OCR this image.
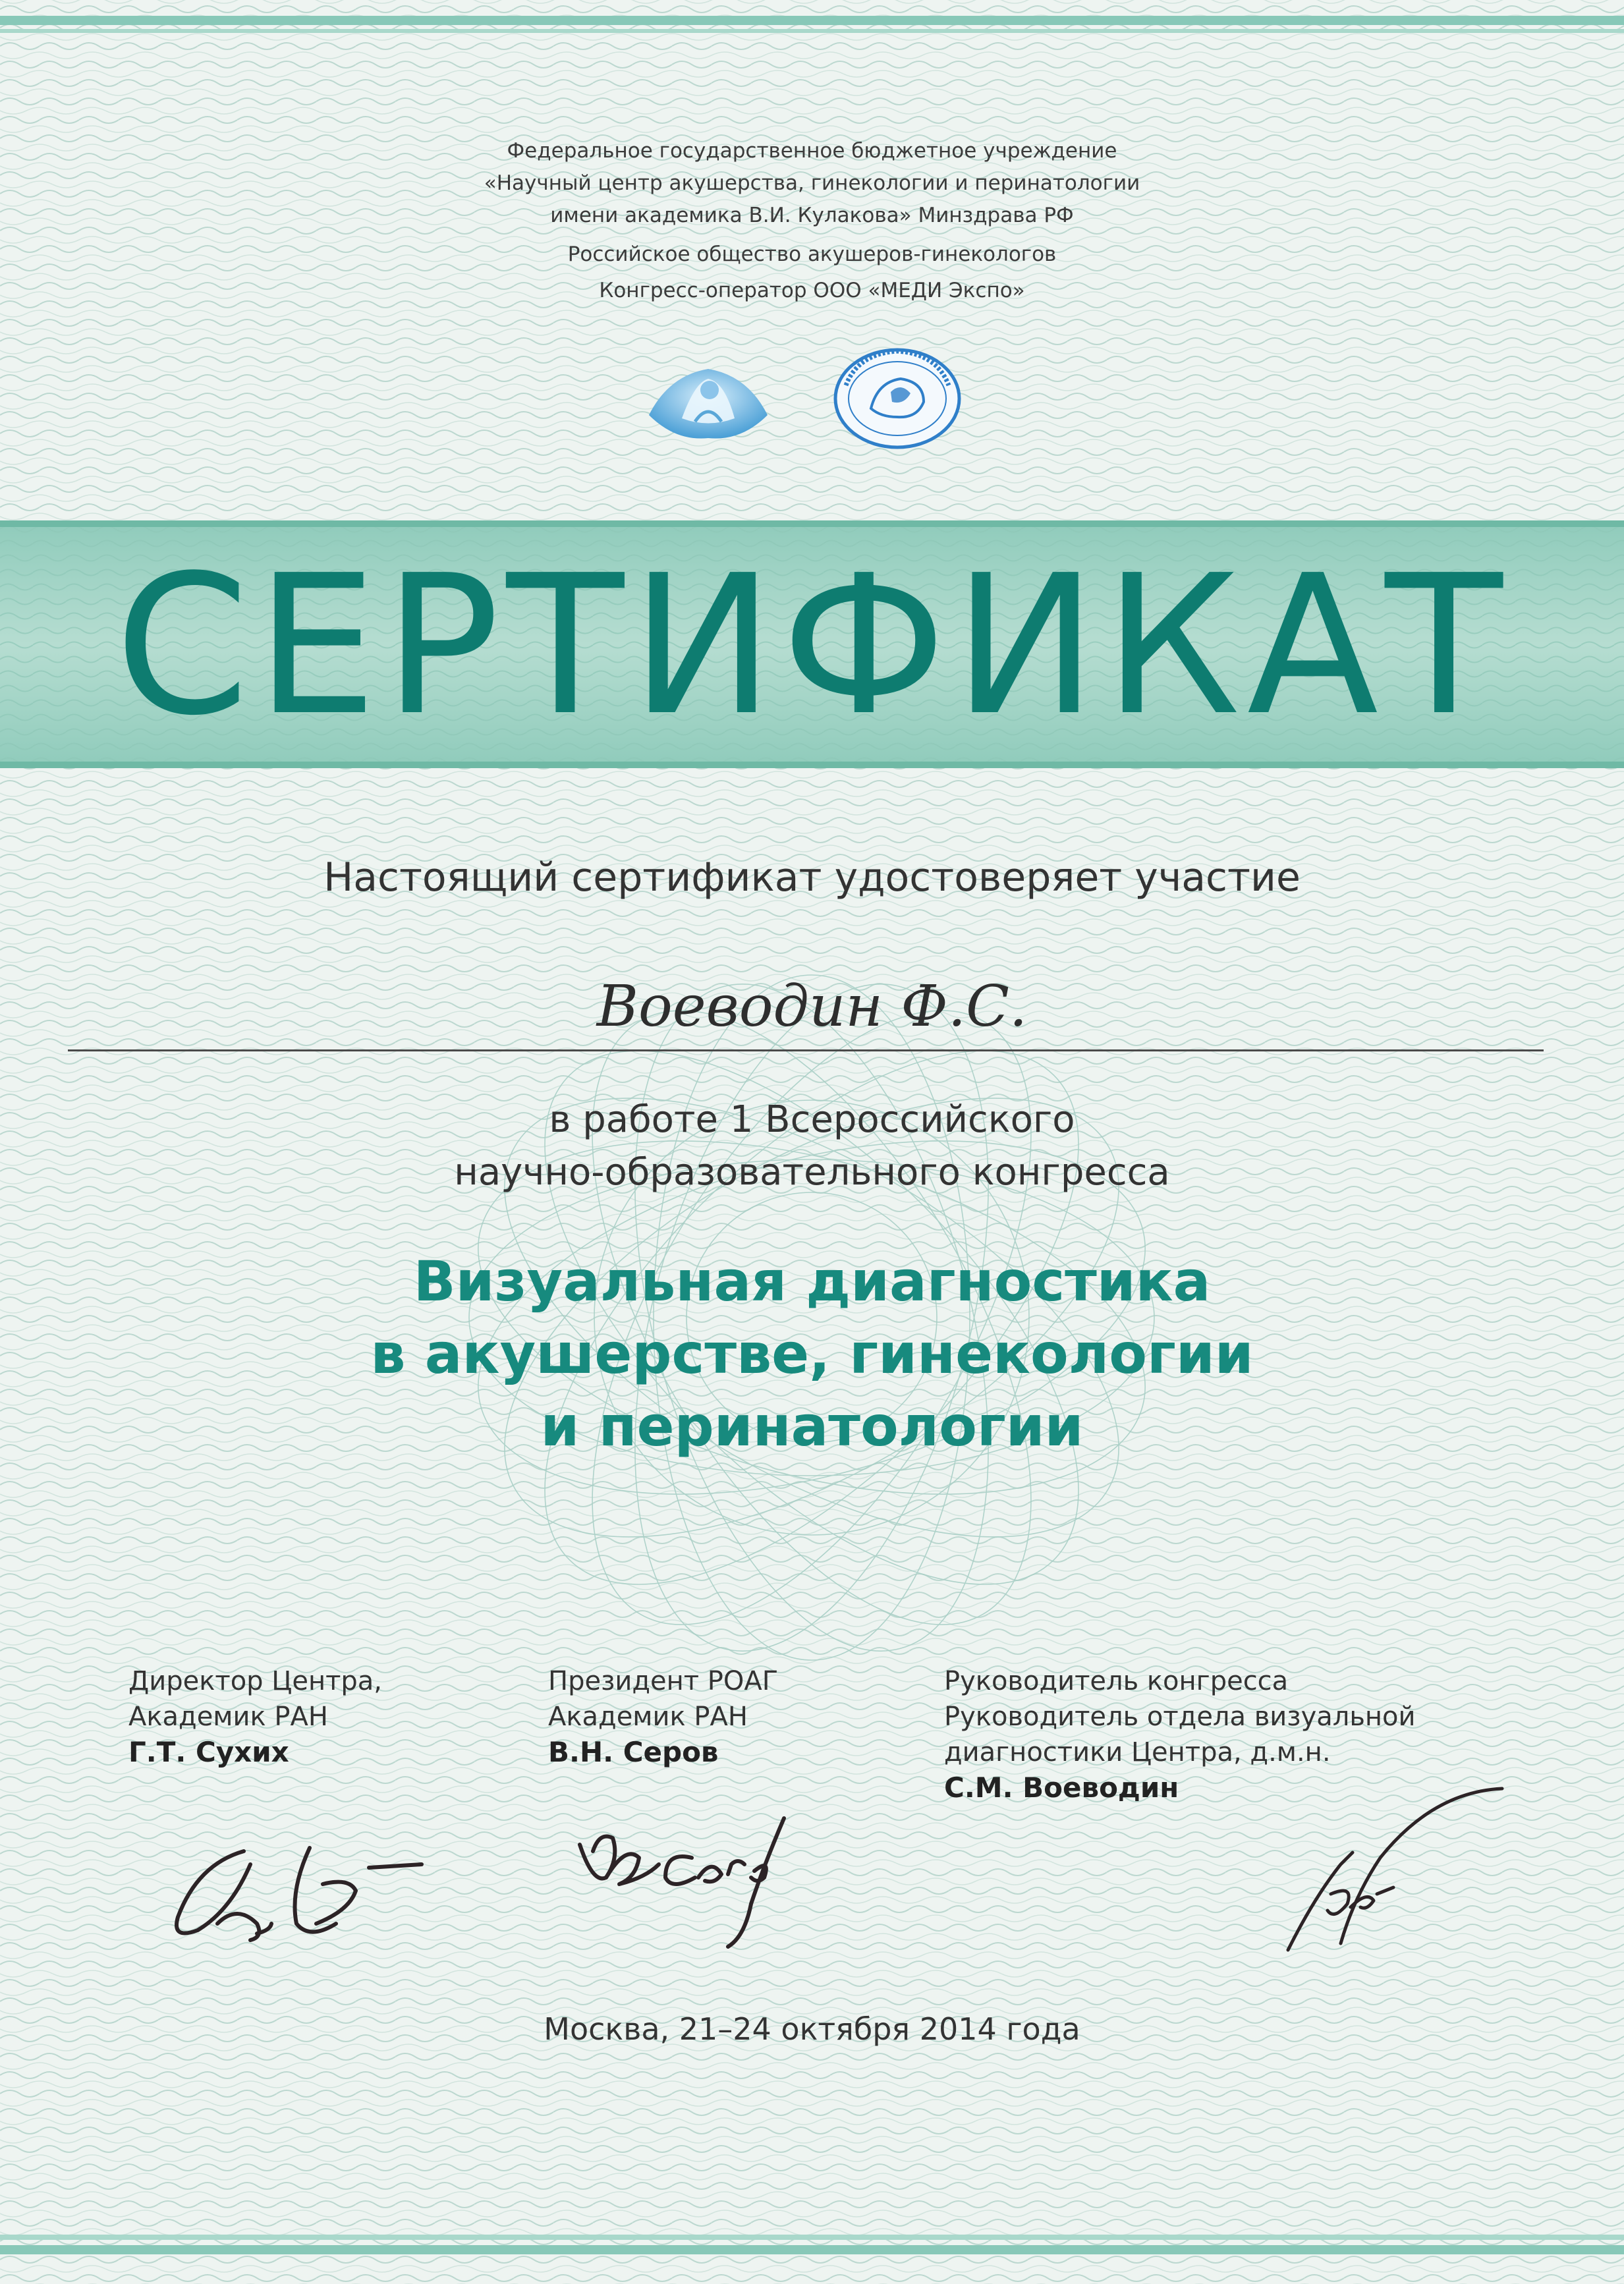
Федеральное государственное бюджетное учреждение
«Научный центр акушерства, гинекологии и перинатологии
имени академика В.И. Кулакова» Минздрава РФ
Российское общество акушеров-гинекологов
Конгресс-оператор ООО «МЕДИ Экспо»
СЕРТИФИКАТ
Настоящий сертификат удостоверяет участие
Воеводин Ф.С.
в работе 1 Всероссийского
научно-образовательного конгресса
Визуальная диагностика
в акушерстве, гинекологии
и перинатологии
Директор Центра,
Академик РАН
Г.Т. Сухих
Президент РОАГ
Академик РАН
В.Н. Серов
Руководитель конгресса
Руководитель отдела визуальной
диагностики Центра, д.м.н.
С.М. Воеводин
Москва, 21–24 октября 2014 года
